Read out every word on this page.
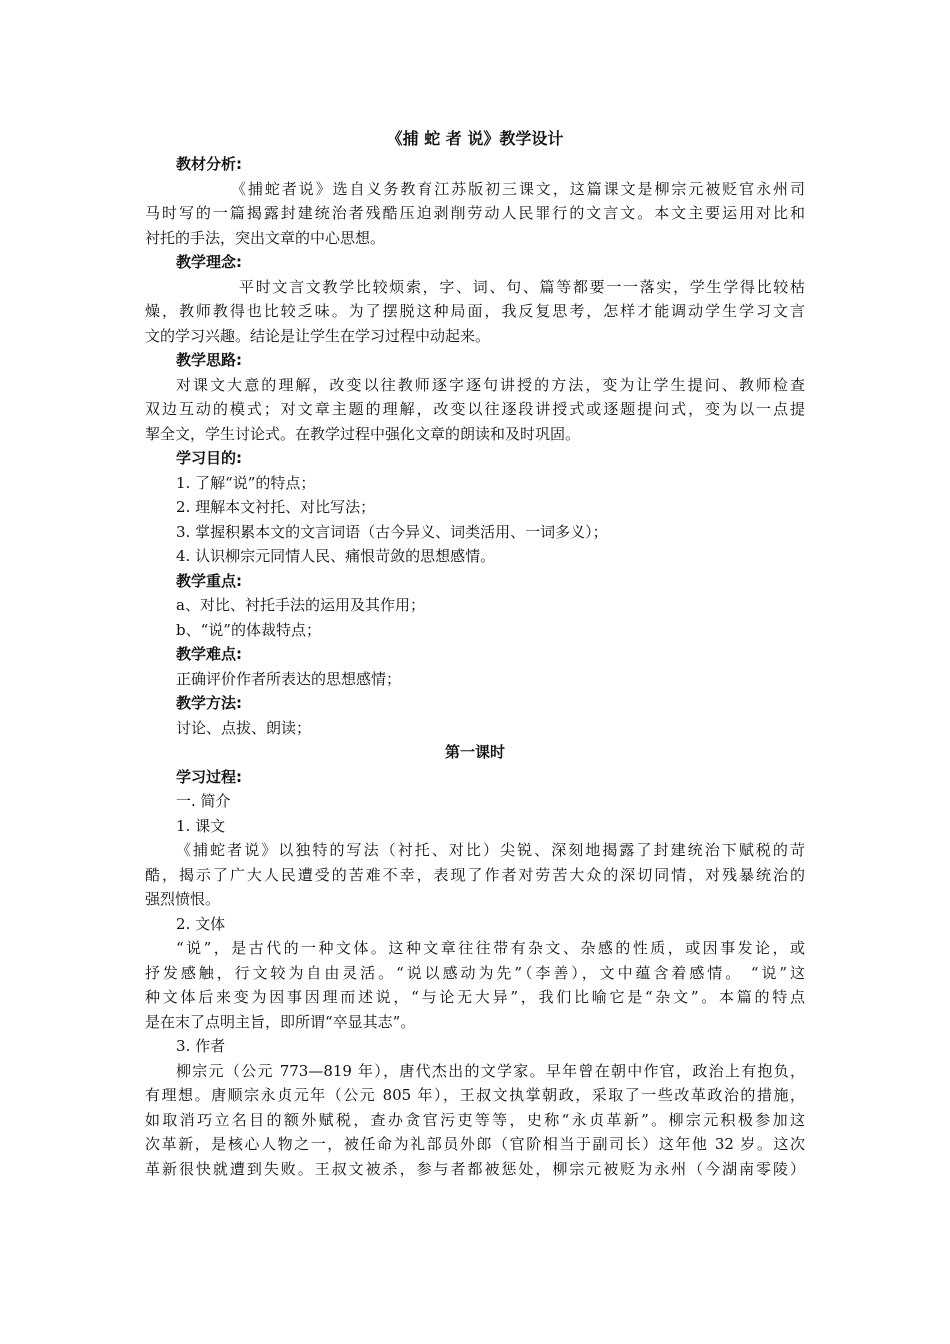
《捕 蛇 者 说》教学设计
教材分析:
《捕蛇者说》选自义务教育江苏版初三课文，这篇课文是柳宗元被贬官永州司
马时写的一篇揭露封建统治者残酷压迫剥削劳动人民罪行的文言文。本文主要运用对比和
衬托的手法，突出文章的中心思想。
教学理念:
平时文言文教学比较烦索，字、词、句、篇等都要一一落实，学生学得比较枯
燥，教师教得也比较乏味。为了摆脱这种局面，我反复思考，怎样才能调动学生学习文言
文的学习兴趣。结论是让学生在学习过程中动起来。
教学思路:
对课文大意的理解，改变以往教师逐字逐句讲授的方法，变为让学生提问、教师检查
双边互动的模式；对文章主题的理解，改变以往逐段讲授式或逐题提问式，变为以一点提
挈全文，学生讨论式。在教学过程中强化文章的朗读和及时巩固。
学习目的:
1. 了解“说”的特点；
2. 理解本文衬托、对比写法；
3. 掌握积累本文的文言词语（古今异义、词类活用、一词多义）；
4. 认识柳宗元同情人民、痛恨苛敛的思想感情。
教学重点:
a、对比、衬托手法的运用及其作用；
b、“说”的体裁特点；
教学难点:
正确评价作者所表达的思想感情；
教学方法:
讨论、点拔、朗读；
第一课时
学习过程:
一. 简介
1. 课文
《捕蛇者说》以独特的写法（衬托、对比）尖锐、深刻地揭露了封建统治下赋税的苛
酷，揭示了广大人民遭受的苦难不幸，表现了作者对劳苦大众的深切同情，对残暴统治的
强烈愤恨。
2. 文体
“说”，是古代的一种文体。这种文章往往带有杂文、杂感的性质，或因事发论，或
抒发感触，行文较为自由灵活。“说以感动为先”（李善），文中蕴含着感情。 “说”这
种文体后来变为因事因理而述说，“与论无大异”，我们比喻它是“杂文”。本篇的特点
是在末了点明主旨，即所谓“卒显其志”。
3. 作者
柳宗元（公元 773—819 年），唐代杰出的文学家。早年曾在朝中作官，政治上有抱负，
有理想。唐顺宗永贞元年（公元 805 年），王叔文执掌朝政，采取了一些改革政治的措施，
如取消巧立名目的额外赋税，查办贪官污吏等等，史称“永贞革新”。柳宗元积极参加这
次革新，是核心人物之一，被任命为礼部员外郎（官阶相当于副司长）这年他 32 岁。这次
革新很快就遭到失败。王叔文被杀，参与者都被惩处，柳宗元被贬为永州（今湖南零陵）
